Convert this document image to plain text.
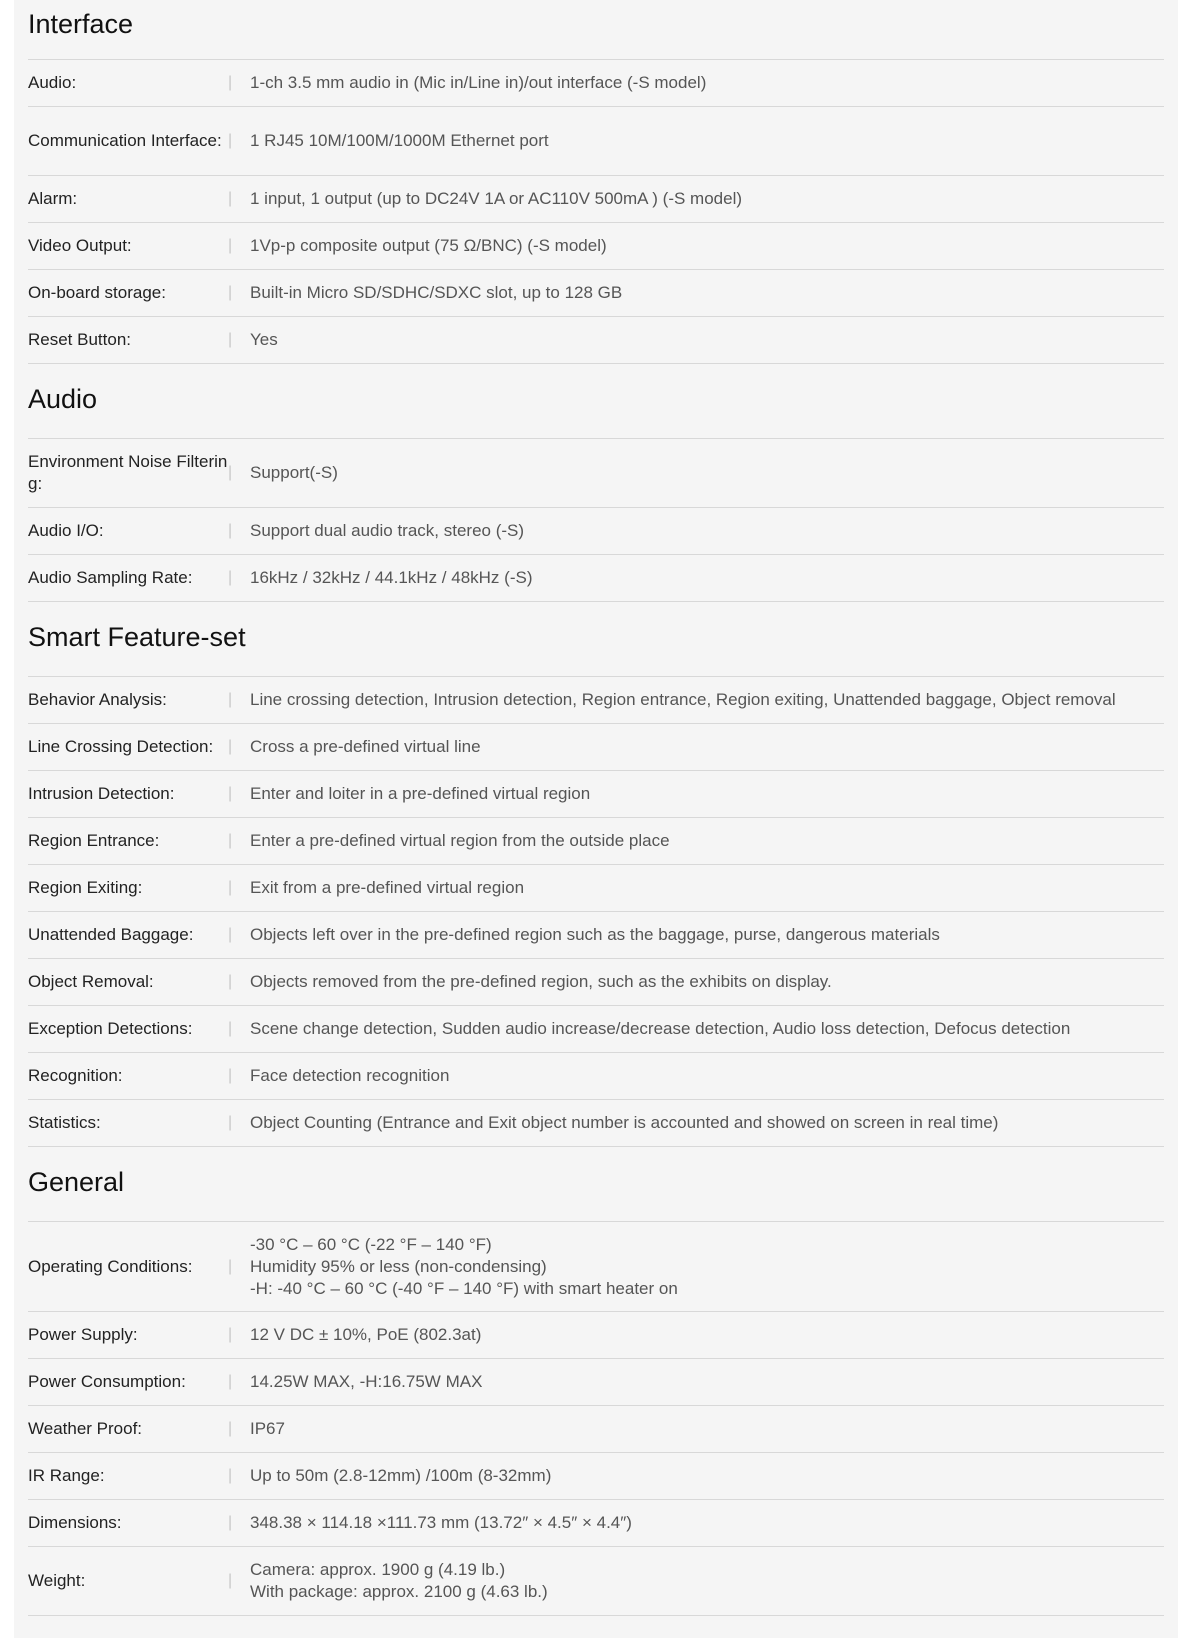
Interface
Audio:	|	1-ch 3.5 mm audio in (Mic in/Line in)/out interface (-S model)
Communication Interface: |	1 RJ45 10M/100M/1000M Ethernet port
Alarm:	|	1 input, 1 output (up to DC24V 1A or AC110V 500mA ) (-S model)
Video Output:	|	1Vp-p composite output (75 Ω/BNC) (-S model)
On-board storage:	|	Built-in Micro SD/SDHC/SDXC slot, up to 128 GB
Reset Button:	|	Yes
Audio
Environment Noise Filtering:
|	Support(-S)
Audio I/O:	|	Support dual audio track, stereo (-S)
Audio Sampling Rate:	|	16kHz / 32kHz / 44.1kHz / 48kHz (-S)
Smart Feature-set
Behavior Analysis:	|	Line crossing detection, Intrusion detection, Region entrance, Region exiting, Unattended baggage, Object removal
Line Crossing Detection: |	Cross a pre-defined virtual line
Intrusion Detection:	|	Enter and loiter in a pre-defined virtual region
Region Entrance:	|	Enter a pre-defined virtual region from the outside place
Region Exiting:	|	Exit from a pre-defined virtual region
Unattended Baggage:	|	Objects left over in the pre-defined region such as the baggage, purse, dangerous materials
Object Removal:	|	Objects removed from the pre-defined region, such as the exhibits on display.
Exception Detections:	|	Scene change detection, Sudden audio increase/decrease detection, Audio loss detection, Defocus detection
Recognition:	|	Face detection recognition
Statistics:	|	Object Counting (Entrance and Exit object number is accounted and showed on screen in real time)
General
Operating Conditions:	|
-30 °C – 60 °C (-22 °F – 140 °F)
Humidity 95% or less (non-condensing)
-H: -40 °C – 60 °C (-40 °F – 140 °F) with smart heater on
Power Supply:	|	12 V DC ± 10%, PoE (802.3at)
Power Consumption:	|	14.25W MAX, -H:16.75W MAX
Weather Proof:	|	IP67
IR Range:	|	Up to 50m (2.8-12mm) /100m (8-32mm)
Dimensions:	|	348.38 × 114.18 ×111.73 mm (13.72″ × 4.5″ × 4.4″)
Weight:	|
Camera: approx. 1900 g (4.19 lb.)
With package: approx. 2100 g (4.63 lb.)
